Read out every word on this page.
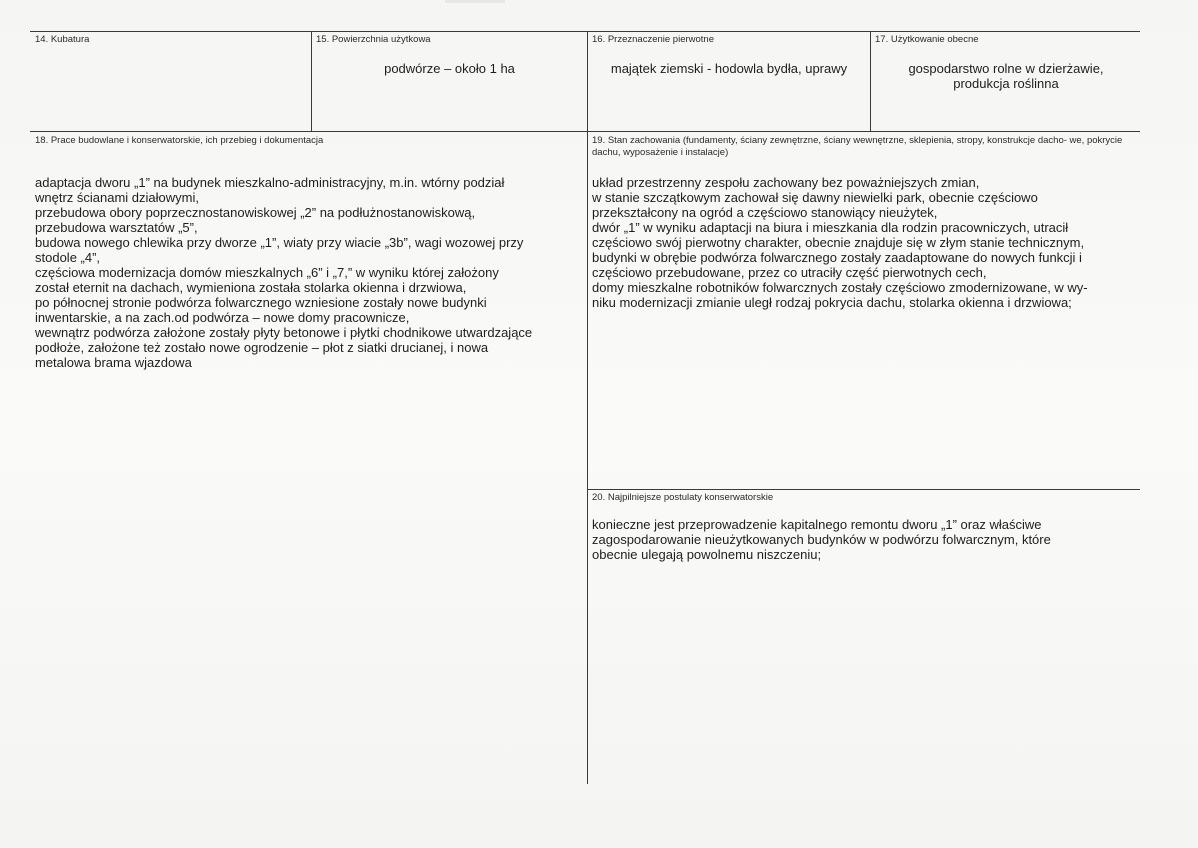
14. Kubatura	15. Powierzchnia użytkowa
podwórze – około 1 ha
16. Przeznaczenie pierwotne
majątek ziemski - hodowla bydła, uprawy
17. Użytkowanie obecne
gospodarstwo rolne w dzierżawie,
produkcja roślinna
18. Prace budowlane i konserwatorskie, ich przebieg i dokumentacja
adaptacja dworu „1” na budynek mieszkalno-administracyjny, m.in. wtórny podział
wnętrz ścianami działowymi,
przebudowa obory poprzecznostanowiskowej „2” na podłużnostanowiskową,
przebudowa warsztatów „5”,
budowa nowego chlewika przy dworze „1”, wiaty przy wiacie „3b”, wagi wozowej przy
stodole „4”,
częściowa modernizacja domów mieszkalnych „6” i „7,” w wyniku której założony
został eternit na dachach, wymieniona została stolarka okienna i drzwiowa,
po północnej stronie podwórza folwarcznego wzniesione zostały nowe budynki
inwentarskie, a na zach.od podwórza – nowe domy pracownicze,
wewnątrz podwórza założone zostały płyty betonowe i płytki chodnikowe utwardzające
podłoże, założone też zostało nowe ogrodzenie – płot z siatki drucianej, i nowa
metalowa brama wjazdowa
19. Stan zachowania (fundamenty, ściany zewnętrzne, ściany wewnętrzne, sklepienia, stropy, konstrukcje dacho- we, pokrycie dachu, wyposażenie i instalacje)
układ przestrzenny zespołu zachowany bez poważniejszych zmian,
w stanie szczątkowym zachował się dawny niewielki park, obecnie częściowo
przekształcony na ogród a częściowo stanowiący nieużytek,
dwór „1” w wyniku adaptacji na biura i mieszkania dla rodzin pracowniczych, utracił
częściowo swój pierwotny charakter, obecnie znajduje się w złym stanie technicznym,
budynki w obrębie podwórza folwarcznego zostały zaadaptowane do nowych funkcji i
częściowo przebudowane, przez co utraciły część pierwotnych cech,
domy mieszkalne robotników folwarcznych zostały częściowo zmodernizowane, w wy-
niku modernizacji zmianie uległ rodzaj pokrycia dachu, stolarka okienna i drzwiowa;
20. Najpilniejsze postulaty konserwatorskie
konieczne jest przeprowadzenie kapitalnego remontu dworu „1” oraz właściwe
zagospodarowanie nieużytkowanych budynków w podwórzu folwarcznym, które
obecnie ulegają powolnemu niszczeniu;
